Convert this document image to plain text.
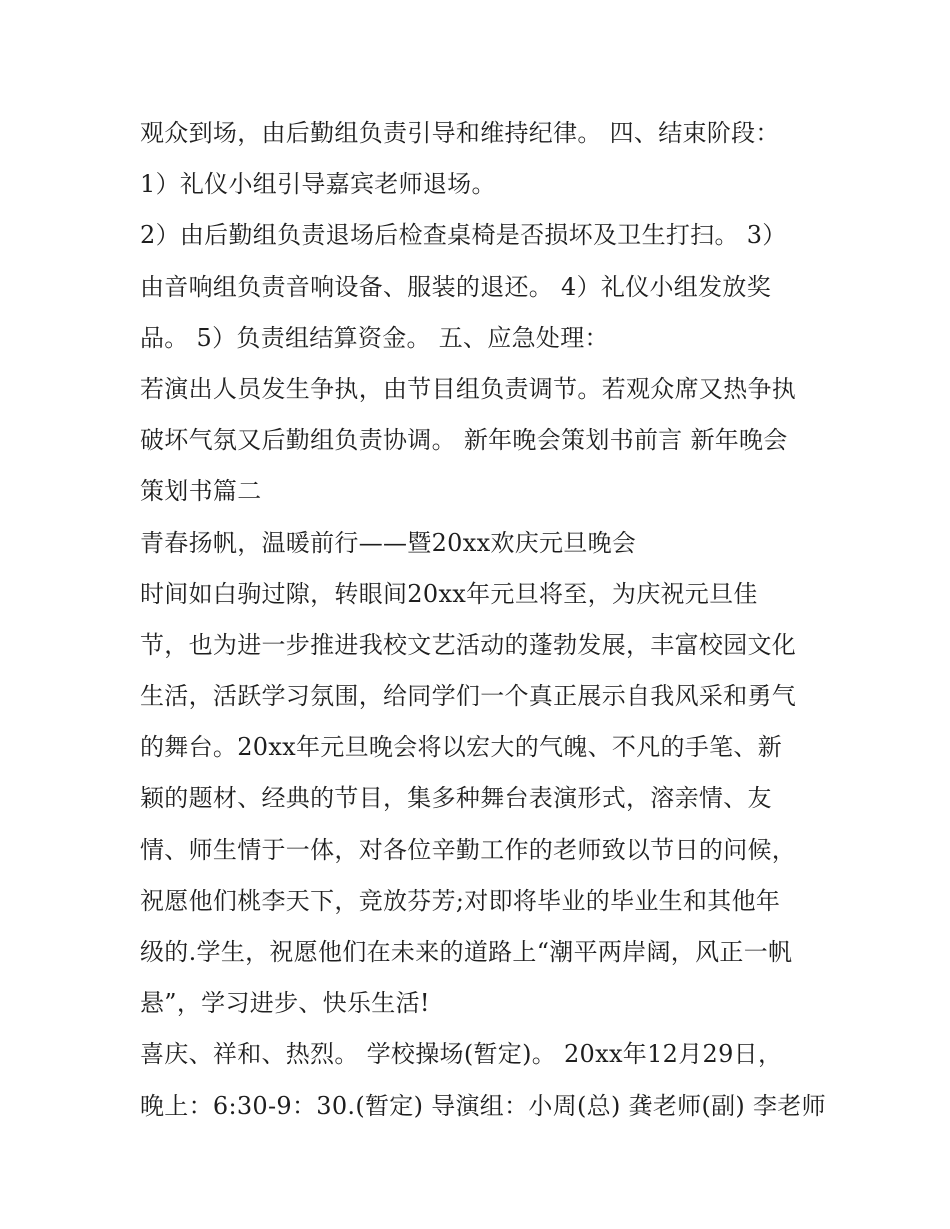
观众到场，由后勤组负责引导和维持纪律。 四、结束阶段：
1）礼仪小组引导嘉宾老师退场。
2）由后勤组负责退场后检查桌椅是否损坏及卫生打扫。 3）
由音响组负责音响设备、服装的退还。 4）礼仪小组发放奖
品。 5）负责组结算资金。 五、应急处理：
若演出人员发生争执，由节目组负责调节。若观众席又热争执
破坏气氛又后勤组负责协调。 新年晚会策划书前言 新年晚会
策划书篇二
青春扬帆，温暖前行——暨20xx欢庆元旦晚会
时间如白驹过隙，转眼间20xx年元旦将至，为庆祝元旦佳
节，也为进一步推进我校文艺活动的蓬勃发展，丰富校园文化
生活，活跃学习氛围，给同学们一个真正展示自我风采和勇气
的舞台。20xx年元旦晚会将以宏大的气魄、不凡的手笔、新
颖的题材、经典的节目，集多种舞台表演形式，溶亲情、友
情、师生情于一体，对各位辛勤工作的老师致以节日的问候，
祝愿他们桃李天下，竞放芬芳;对即将毕业的毕业生和其他年
级的.学生，祝愿他们在未来的道路上“潮平两岸阔，风正一帆
悬”，学习进步、快乐生活!
喜庆、祥和、热烈。 学校操场(暂定)。 20xx年12月29日，
晚上：6:30-9：30.(暂定) 导演组：小周(总) 龚老师(副) 李老师
